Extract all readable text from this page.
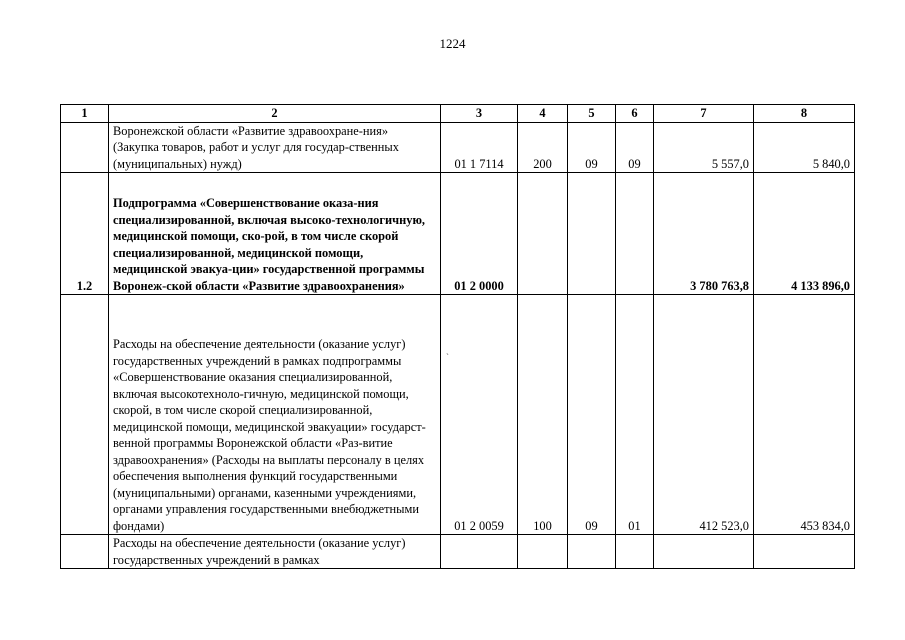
1224
`
1	2	3	4	5	6	7	8
	Воронежской области «Развитие здравоохране-ния» (Закупка товаров, работ и услуг для государ-ственных (муниципальных) нужд)	01 1 7114	200	09	09	5 557,0	5 840,0
1.2	Подпрограмма «Совершенствование оказа-ния специализированной, включая высоко-технологичную, медицинской помощи, ско-рой, в том числе скорой специализированной, медицинской помощи, медицинской эвакуа-ции» государственной программы Воронеж-ской области «Развитие здравоохранения»	01 2 0000				3 780 763,8	4 133 896,0
	Расходы на обеспечение деятельности (оказание услуг) государственных учреждений в рамках подпрограммы «Совершенствование оказания специализированной, включая высокотехноло-гичную, медицинской помощи, скорой, в том числе скорой специализированной, медицинской помощи, медицинской эвакуации» государст-венной программы Воронежской области «Раз-витие здравоохранения» (Расходы на выплаты персоналу в целях обеспечения выполнения функций государственными (муниципальными) органами, казенными учреждениями, органами управления государственными внебюджетными фондами)	01 2 0059	100	09	01	412 523,0	453 834,0
	Расходы на обеспечение деятельности (оказание услуг) государственных учреждений в рамках						
